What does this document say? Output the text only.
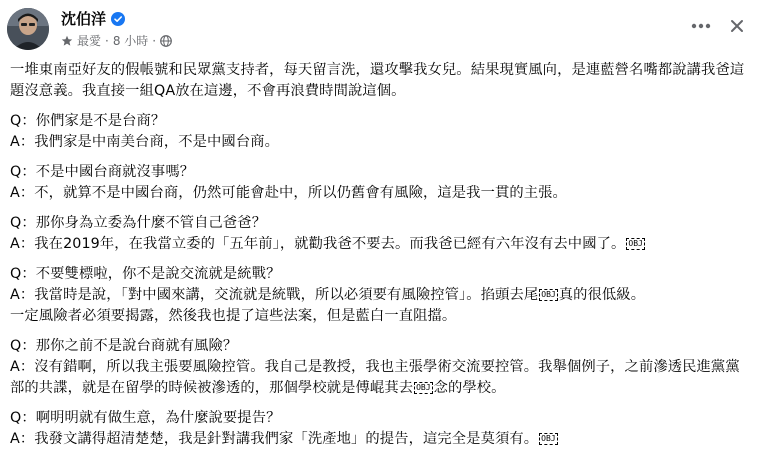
沈伯洋
最愛 · 8 小時 ·

一堆東南亞好友的假帳號和民眾黨支持者，每天留言洗，還攻擊我女兒。結果現實風向，是連藍營名嘴都說講我爸這題沒意義。我直接一組QA放在這邊，不會再浪費時間說這個。

Q：你們家是不是台商？

A：我們家是中南美台商，不是中國台商。

Q：不是中國台商就沒事嗎？

A：不，就算不是中國台商，仍然可能會赴中，所以仍舊會有風險，這是我一貫的主張。

Q：那你身為立委為什麼不管自己爸爸？

A：我在2019年，在我當立委的「五年前」，就勸我爸不要去。而我爸已經有六年沒有去中國了。 OBJ

Q：不要雙標啦，你不是說交流就是統戰？

A：我當時是說，「對中國來講，交流就是統戰，所以必須要有風險控管」。掐頭去尾 OBJ 真的很低級。

一定風險者必須要揭露，然後我也提了這些法案，但是藍白一直阻擋。

Q：那你之前不是說台商就有風險？

A：沒有錯啊，所以我主張要風險控管。我自己是教授，我也主張學術交流要控管。我舉個例子，之前滲透民進黨黨部的共諜，就是在留學的時候被滲透的，那個學校就是傅崐萁去 OBJ 念的學校。

Q：啊明明就有做生意，為什麼說要提告？

A：我發文講得超清楚楚，我是針對講我們家「洗產地」的提告，這完全是莫須有。 OBJ
